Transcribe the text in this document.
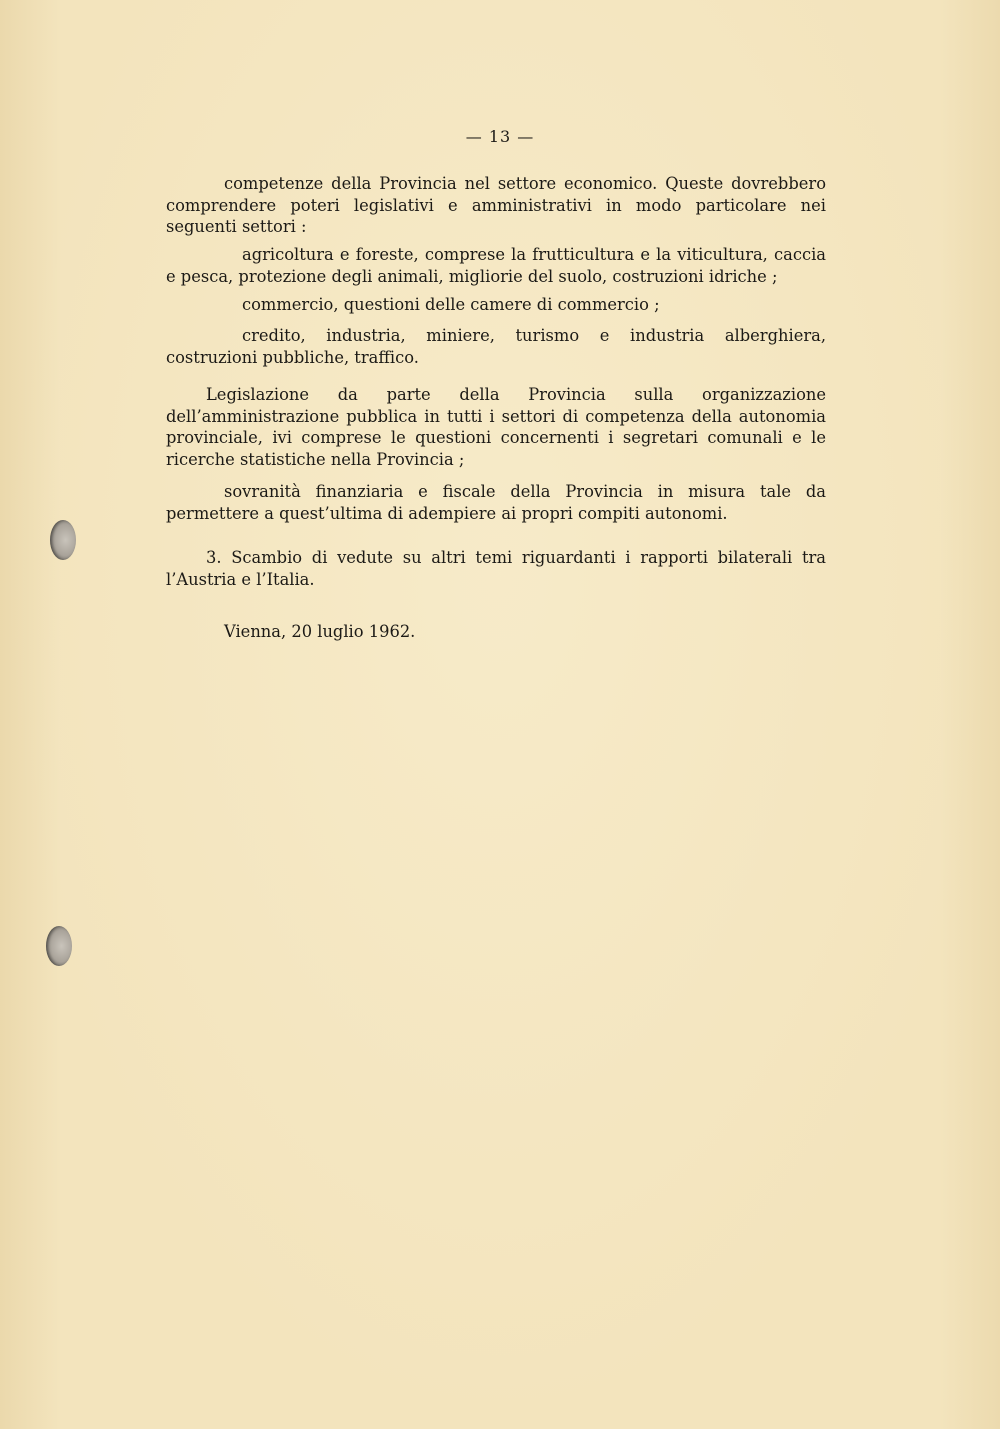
— 13 —

competenze della Provincia nel settore economico. Queste dovrebbero comprendere poteri legislativi e amministrativi in modo particolare nei seguenti settori :

agricoltura e foreste, comprese la frutticultura e la viticultura, caccia e pesca, protezione degli animali, migliorie del suolo, costruzioni idriche ;

commercio, questioni delle camere di commercio ;

credito, industria, miniere, turismo e industria alberghiera, costruzioni pubbliche, traffico.

Legislazione da parte della Provincia sulla organizzazione dell’amministrazione pubblica in tutti i settori di competenza della autonomia provinciale, ivi comprese le questioni concernenti i segretari comunali e le ricerche statistiche nella Provincia ;

sovranità finanziaria e fiscale della Provincia in misura tale da permettere a quest’ultima di adempiere ai propri compiti autonomi.

3. Scambio di vedute su altri temi riguardanti i rapporti bilaterali tra l’Austria e l’Italia.

Vienna, 20 luglio 1962.
